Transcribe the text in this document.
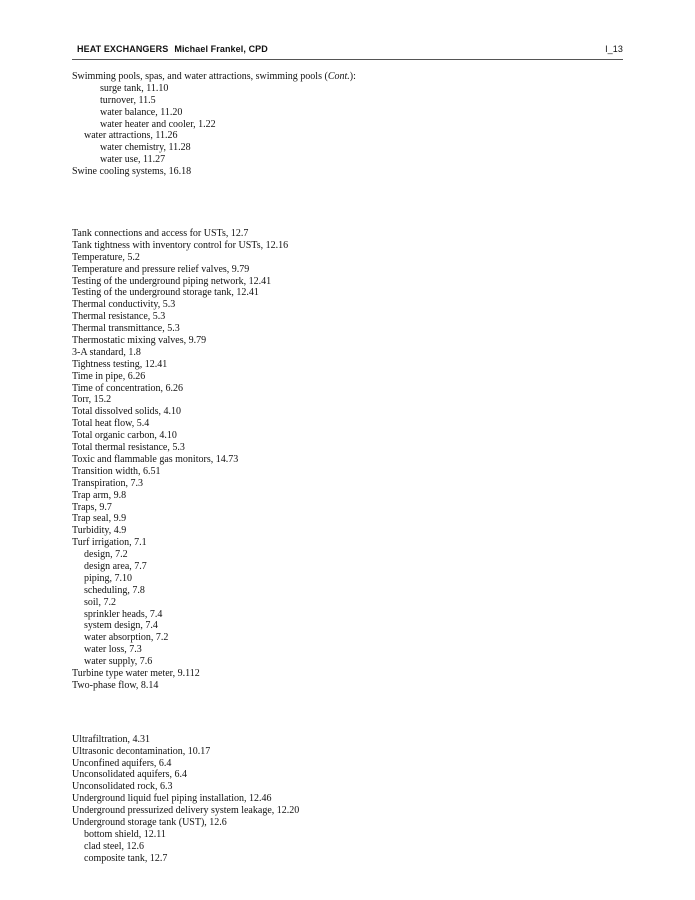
HEAT EXCHANGERS Michael Frankel, CPD	I_13
Swimming pools, spas, and water attractions, swimming pools (Cont.):
surge tank, 11.10
turnover, 11.5
water balance, 11.20
water heater and cooler, 1.22
water attractions, 11.26
water chemistry, 11.28
water use, 11.27
Swine cooling systems, 16.18
Tank connections and access for USTs, 12.7
Tank tightness with inventory control for USTs, 12.16
Temperature, 5.2
Temperature and pressure relief valves, 9.79
Testing of the underground piping network, 12.41
Testing of the underground storage tank, 12.41
Thermal conductivity, 5.3
Thermal resistance, 5.3
Thermal transmittance, 5.3
Thermostatic mixing valves, 9.79
3-A standard, 1.8
Tightness testing, 12.41
Time in pipe, 6.26
Time of concentration, 6.26
Torr, 15.2
Total dissolved solids, 4.10
Total heat flow, 5.4
Total organic carbon, 4.10
Total thermal resistance, 5.3
Toxic and flammable gas monitors, 14.73
Transition width, 6.51
Transpiration, 7.3
Trap arm, 9.8
Traps, 9.7
Trap seal, 9.9
Turbidity, 4.9
Turf irrigation, 7.1
design, 7.2
design area, 7.7
piping, 7.10
scheduling, 7.8
soil, 7.2
sprinkler heads, 7.4
system design, 7.4
water absorption, 7.2
water loss, 7.3
water supply, 7.6
Turbine type water meter, 9.112
Two-phase flow, 8.14
Ultrafiltration, 4.31
Ultrasonic decontamination, 10.17
Unconfined aquifers, 6.4
Unconsolidated aquifers, 6.4
Unconsolidated rock, 6.3
Underground liquid fuel piping installation, 12.46
Underground pressurized delivery system leakage, 12.20
Underground storage tank (UST), 12.6
bottom shield, 12.11
clad steel, 12.6
composite tank, 12.7
